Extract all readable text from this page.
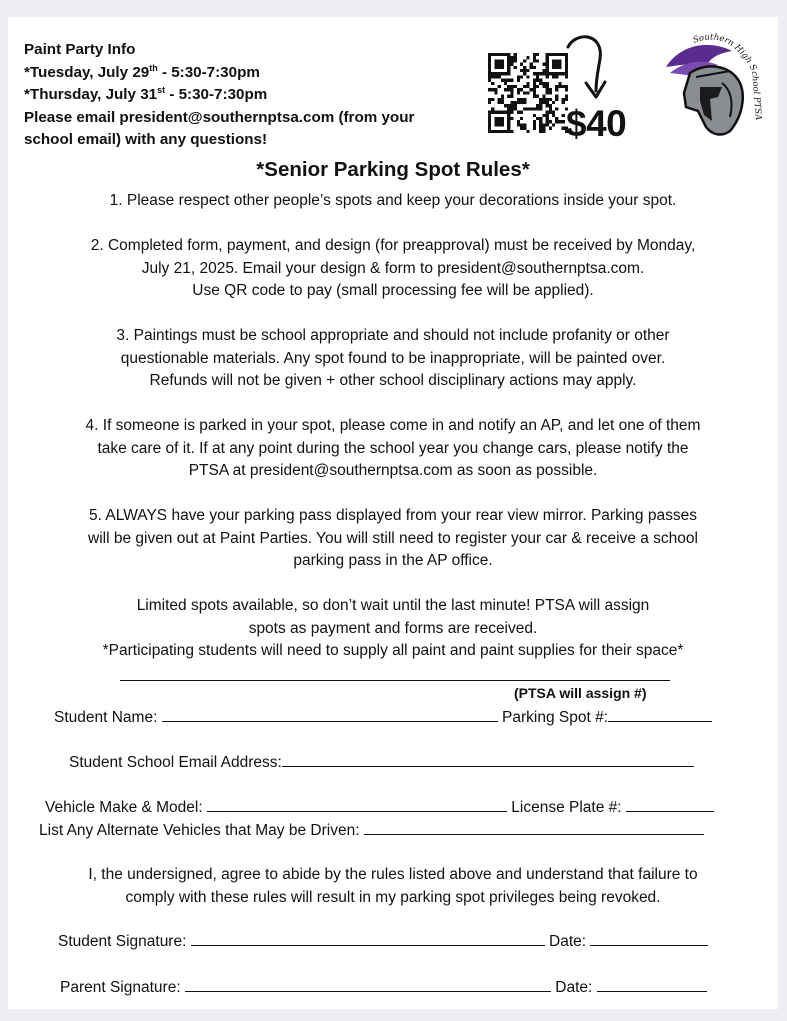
Paint Party Info
*Tuesday, July 29th - 5:30-7:30pm
*Thursday, July 31st - 5:30-7:30pm
Please email president@southernptsa.com (from your
school email) with any questions!	$40
Southern High School PTSA
*Senior Parking Spot Rules*
1. Please respect other people’s spots and keep your decorations inside your spot.
2. Completed form, payment, and design (for preapproval) must be received by Monday,
July 21, 2025. Email your design & form to president@southernptsa.com.
Use QR code to pay (small processing fee will be applied).
3. Paintings must be school appropriate and should not include profanity or other
questionable materials. Any spot found to be inappropriate, will be painted over.
Refunds will not be given + other school disciplinary actions may apply.
4. If someone is parked in your spot, please come in and notify an AP, and let one of them
take care of it. If at any point during the school year you change cars, please notify the
PTSA at president@southernptsa.com as soon as possible.
5. ALWAYS have your parking pass displayed from your rear view mirror. Parking passes
will be given out at Paint Parties. You will still need to register your car & receive a school
parking pass in the AP office.
Limited spots available, so don’t wait until the last minute! PTSA will assign
spots as payment and forms are received.
*Participating students will need to supply all paint and paint supplies for their space*
(PTSA will assign #)
Student Name:	Parking Spot #:
Student School Email Address:
Vehicle Make & Model:	License Plate #:
List Any Alternate Vehicles that May be Driven:
I, the undersigned, agree to abide by the rules listed above and understand that failure to
comply with these rules will result in my parking spot privileges being revoked.
Student Signature:	Date:
Parent Signature:	Date:
